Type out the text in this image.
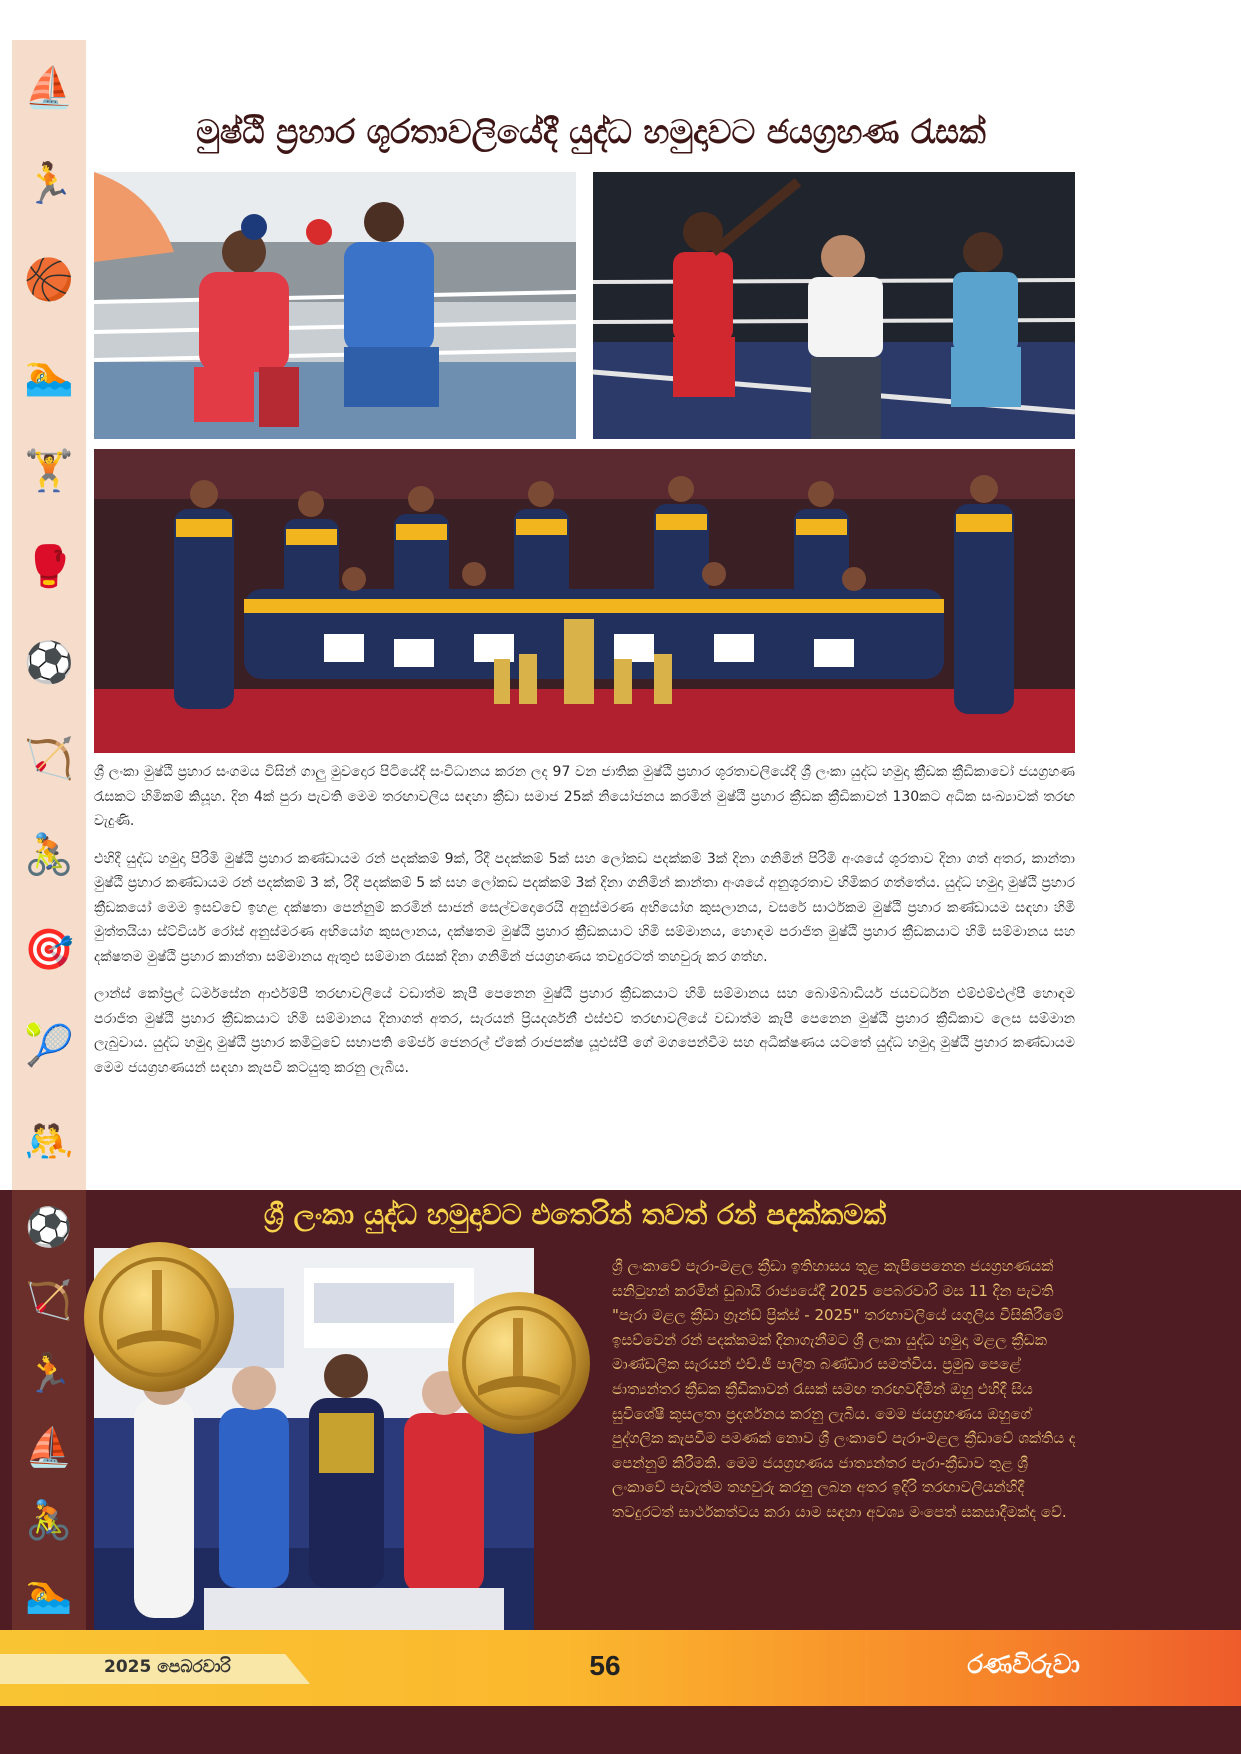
⛵
🏃
🏀
🏊
🏋
🥊
⚽
🏹
🚴
🎯
🎾
🤼
මුෂ්ඨි ප්‍රහාර ශූරතාවලියේදී යුද්ධ හමුදාවට ජයග්‍රහණ රැසක්

ශ්‍රී ලංකා මුෂ්ඨි ප්‍රහාර සංගමය විසින් ගාලු මුවදොර පිටියේදී සංවිධානය කරන ලද 97 වන ජාතික මුෂ්ඨි ප්‍රහාර ශූරතාවලියේදී ශ්‍රී ලංකා යුද්ධ හමුදා ක්‍රීඩක ක්‍රීඩිකාවෝ ජයග්‍රහණ රැසකට හිමිකම් කියූහ. දින 4ක් පුරා පැවති මෙම තරඟාවලිය සඳහා ක්‍රීඩා සමාජ 25ක් නියෝජනය කරමින් මුෂ්ඨි ප්‍රහාර ක්‍රීඩක ක්‍රීඩිකාවන් 130කට අධික සංඛ්‍යාවක් තරඟ වැදුණි.

එහිදී යුද්ධ හමුදා පිරිමි මුෂ්ඨි ප්‍රහාර කණ්ඩායම රන් පදක්කම් 9ක්, රිදී පදක්කම් 5ක් සහ ලෝකඩ පදක්කම් 3ක් දිනා ගනිමින් පිරිමි අංශයේ ශූරතාව දිනා ගත් අතර, කාන්තා මුෂ්ඨි ප්‍රහාර කණ්ඩායම රන් පදක්කම් 3 ක්, රිදී පදක්කම් 5 ක් සහ ලෝකඩ පදක්කම් 3ක් දිනා ගනිමින් කාන්තා අංශයේ අනුශූරතාව හිමිකර ගත්තේය. යුද්ධ හමුදා මුෂ්ඨි ප්‍රහාර ක්‍රීඩකයෝ මෙම ඉසව්වේ ඉහළ දක්ෂතා පෙන්නුම් කරමින් සාජන් සෙල්වදොරෙයි අනුස්මරණ අභියෝග කුසලානය, වසරේ සාර්ථකම මුෂ්ඨි ප්‍රහාර කණ්ඩායම සඳහා හිමි මුත්තයියා ස්ට්වියර් රෝස් අනුස්මරණ අභියෝග කුසලානය, දක්ෂතම මුෂ්ඨි ප්‍රහාර ක්‍රීඩකයාට හිමි සම්මානය, හොඳම පරාජිත මුෂ්ඨි ප්‍රහාර ක්‍රීඩකයාට හිමි සම්මානය සහ දක්ෂතම මුෂ්ඨි ප්‍රහාර කාන්තා සම්මානය ඇතුළු සම්මාන රැසක් දිනා ගනිමින් ජයග්‍රහණය තවදුරටත් තහවුරු කර ගත්හ.

ලාන්ස් කෝප්‍රල් ධර්මසේන ආර්එම්පී තරඟාවලියේ වඩාත්ම කැපී පෙනෙන මුෂ්ඨි ප්‍රහාර ක්‍රීඩකයාට හිමි සම්මානය සහ බොම්බාඩියර් ජයවර්ධන එම්එම්එල්පී හොඳම පරාජිත මුෂ්ඨි ප්‍රහාර ක්‍රීඩකයාට හිමි සම්මානය දිනාගත් අතර, සැරයන් ප්‍රියදර්ශනී එස්එච් තරඟාවලියේ වඩාත්ම කැපී පෙනෙන මුෂ්ඨි ප්‍රහාර ක්‍රීඩිකාව ලෙස සම්මාන ලැබුවාය. යුද්ධ හමුදා මුෂ්ඨි ප්‍රහාර කමිටුවේ සභාපති මේජර් ජෙනරල් ඒකේ රාජපක්ෂ යූඑස්පී ගේ මගපෙන්වීම සහ අධීක්ෂණය යටතේ යුද්ධ හමුදා මුෂ්ඨි ප්‍රහාර කණ්ඩායම මෙම ජයග්‍රහණයන් සඳහා කැපවී කටයුතු කරනු ලැබීය.

⚽
🏹
🏃
⛵
🚴
🏊
ශ්‍රී ලංකා යුද්ධ හමුදාවට එතෙරින් තවත් රන් පදක්කමක්
ශ්‍රී ලංකාවේ පැරා-මළල ක්‍රීඩා ඉතිහාසය තුළ කැපීපෙනෙන ජයග්‍රහණයක් සනිටුහන් කරමින් ඩුබායි රාජ්‍යයේදී 2025 පෙබරවාරි මස 11 දින පැවති "පැරා මළල ක්‍රීඩා ග්‍රෑන්ඩ් ප්‍රික්ස් - 2025" තරඟාවලියේ යගුලිය විසිකිරීමේ ඉසව්වෙන් රන් පදක්කමක් දිනාගැනීමට ශ්‍රී ලංකා යුද්ධ හමුදා මළල ක්‍රීඩක මාණ්ඩලික සැරයන් එච්.ජී පාලිත බණ්ඩාර සමත්විය. ප්‍රමුඛ පෙළේ ජාත්‍යන්තර ක්‍රීඩක ක්‍රීඩිකාවන් රැසක් සමඟ තරඟවදිමින් ඔහු එහිදී සිය සුවිශේෂී කුසලතා ප්‍රදර්ශනය කරනු ලැබීය. මෙම ජයග්‍රහණය ඔහුගේ පුද්ගලික කැපවීම පමණක් නොව ශ්‍රී ලංකාවේ පැරා-මළල ක්‍රීඩාවේ ශක්තිය ද පෙන්නුම් කිරීමකි. මෙම ජයග්‍රහණය ජාත්‍යන්තර පැරා-ක්‍රීඩාව තුළ ශ්‍රී ලංකාවේ පැවැත්ම තහවුරු කරනු ලබන අතර ඉදිරි තරඟාවලියන්හිදී තවදුරටත් සාර්ථකත්වය කරා යාම සඳහා අවශ්‍ය මංපෙත් සකසාදීමක්ද වේ.
2025 පෙබරවාරි	56	රණවිරුවා
